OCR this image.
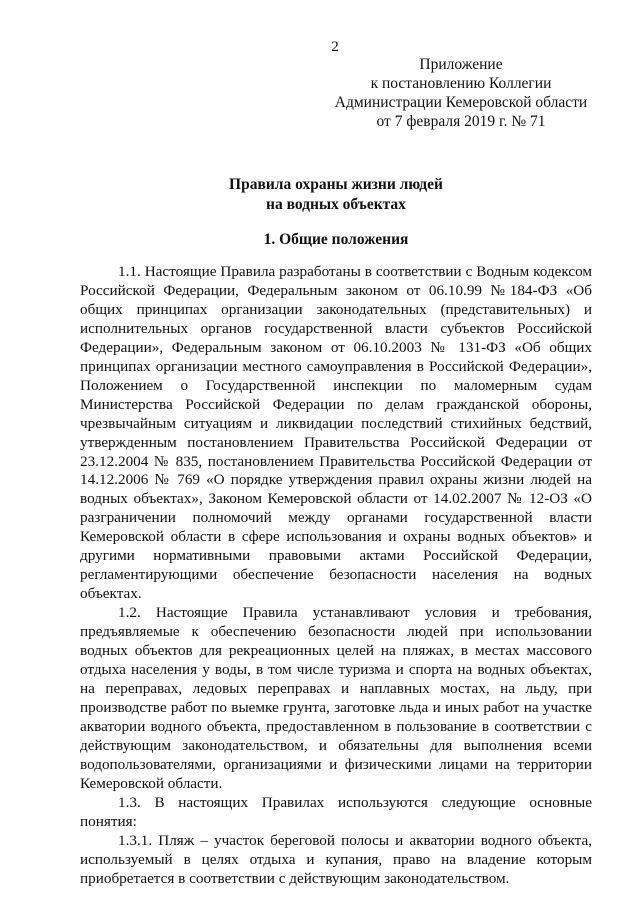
2
Приложение
к постановлению Коллегии
Администрации Кемеровской области
от 7 февраля 2019 г. № 71
Правила охраны жизни людей
на водных объектах
1. Общие положения

1.1. Настоящие Правила разработаны в соответствии с Водным кодексом Российской Федерации, Федеральным законом от 06.10.99 №184-ФЗ «Об общих принципах организации законодательных (представительных) и исполнительных органов государственной власти субъектов Российской Федерации», Федеральным законом от 06.10.2003 № 131-ФЗ «Об общих принципах организации местного самоуправления в Российской Федерации», Положением о Государственной инспекции по маломерным судам Министерства Российской Федерации по делам гражданской обороны, чрезвычайным ситуациям и ликвидации последствий стихийных бедствий, утвержденным постановлением Правительства Российской Федерации от 23.12.2004 № 835, постановлением Правительства Российской Федерации от 14.12.2006 № 769 «О порядке утверждения правил охраны жизни людей на водных объектах», Законом Кемеровской области от 14.02.2007 № 12-ОЗ «О разграничении полномочий между органами государственной власти Кемеровской области в сфере использования и охраны водных объектов» и другими нормативными правовыми актами Российской Федерации, регламентирующими обеспечение безопасности населения на водных объектах.

1.2. Настоящие Правила устанавливают условия и требования, предъявляемые к обеспечению безопасности людей при использовании водных объектов для рекреационных целей на пляжах, в местах массового отдыха населения у воды, в том числе туризма и спорта на водных объектах, на переправах, ледовых переправах и наплавных мостах, на льду, при производстве работ по выемке грунта, заготовке льда и иных работ на участке акватории водного объекта, предоставленном в пользование в соответствии с действующим законодательством, и обязательны для выполнения всеми водопользователями, организациями и физическими лицами на территории Кемеровской области.

1.3. В настоящих Правилах используются следующие основные понятия:

1.3.1. Пляж – участок береговой полосы и акватории водного объекта, используемый в целях отдыха и купания, право на владение которым приобретается в соответствии с действующим законодательством.
